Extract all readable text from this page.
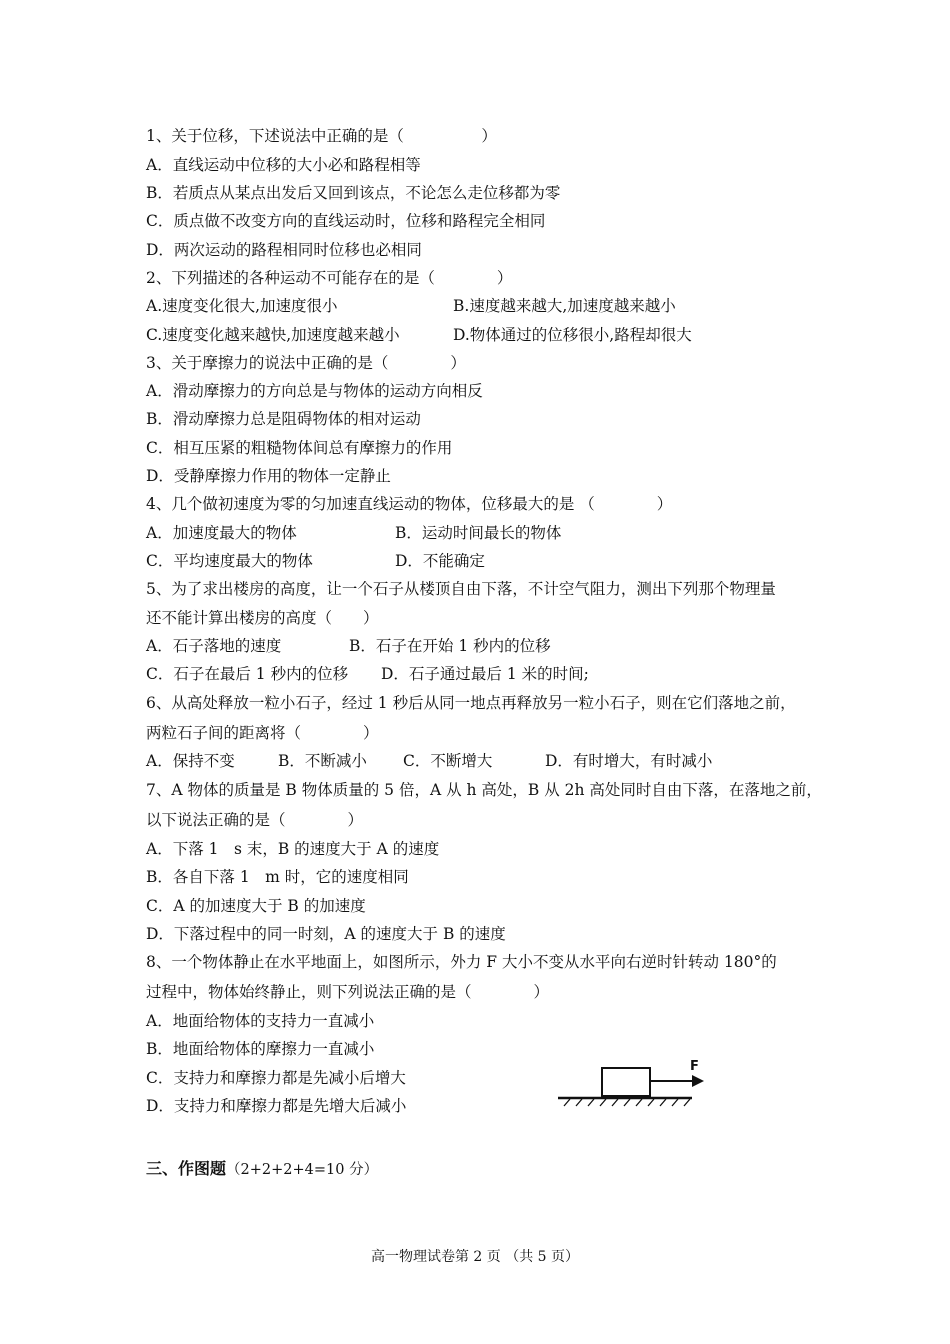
1、关于位移，下述说法中正确的是（　　　　　）
A．直线运动中位移的大小必和路程相等
B．若质点从某点出发后又回到该点，不论怎么走位移都为零
C．质点做不改变方向的直线运动时，位移和路程完全相同
D．两次运动的路程相同时位移也必相同
2、下列描述的各种运动不可能存在的是（　　　　）
A.速度变化很大,加速度很小	B.速度越来越大,加速度越来越小
C.速度变化越来越快,加速度越来越小	D.物体通过的位移很小,路程却很大
3、关于摩擦力的说法中正确的是（　　　　）
A．滑动摩擦力的方向总是与物体的运动方向相反
B．滑动摩擦力总是阻碍物体的相对运动
C．相互压紧的粗糙物体间总有摩擦力的作用
D．受静摩擦力作用的物体一定静止
4、几个做初速度为零的匀加速直线运动的物体，位移最大的是 （　　　　）
A．加速度最大的物体	B．运动时间最长的物体
C．平均速度最大的物体	D．不能确定
5、为了求出楼房的高度，让一个石子从楼顶自由下落，不计空气阻力，测出下列那个物理量
还不能计算出楼房的高度（　　）
A．石子落地的速度	B．石子在开始 1 秒内的位移
C．石子在最后 1 秒内的位移 D．石子通过最后 1 米的时间;
6、从高处释放一粒小石子，经过 1 秒后从同一地点再释放另一粒小石子，则在它们落地之前，
两粒石子间的距离将（　　　　）
A．保持不变	B．不断减小 C．不断增大	D．有时增大，有时减小
7、A 物体的质量是 B 物体质量的 5 倍，A 从 h 高处，B 从 2h 高处同时自由下落，在落地之前，
以下说法正确的是（　　　　）
A．下落 1　s 末，B 的速度大于 A 的速度
B．各自下落 1　m 时，它的速度相同
C．A 的加速度大于 B 的加速度
D．下落过程中的同一时刻，A 的速度大于 B 的速度
8、一个物体静止在水平地面上，如图所示，外力 F 大小不变从水平向右逆时针转动 180°的
过程中，物体始终静止，则下列说法正确的是（　　　　）
A．地面给物体的支持力一直减小
B．地面给物体的摩擦力一直减小
C．支持力和摩擦力都是先减小后增大
D．支持力和摩擦力都是先增大后减小
F
三、作图题（2+2+2+4=10 分）
高一物理试卷第 2 页 （共 5 页）
